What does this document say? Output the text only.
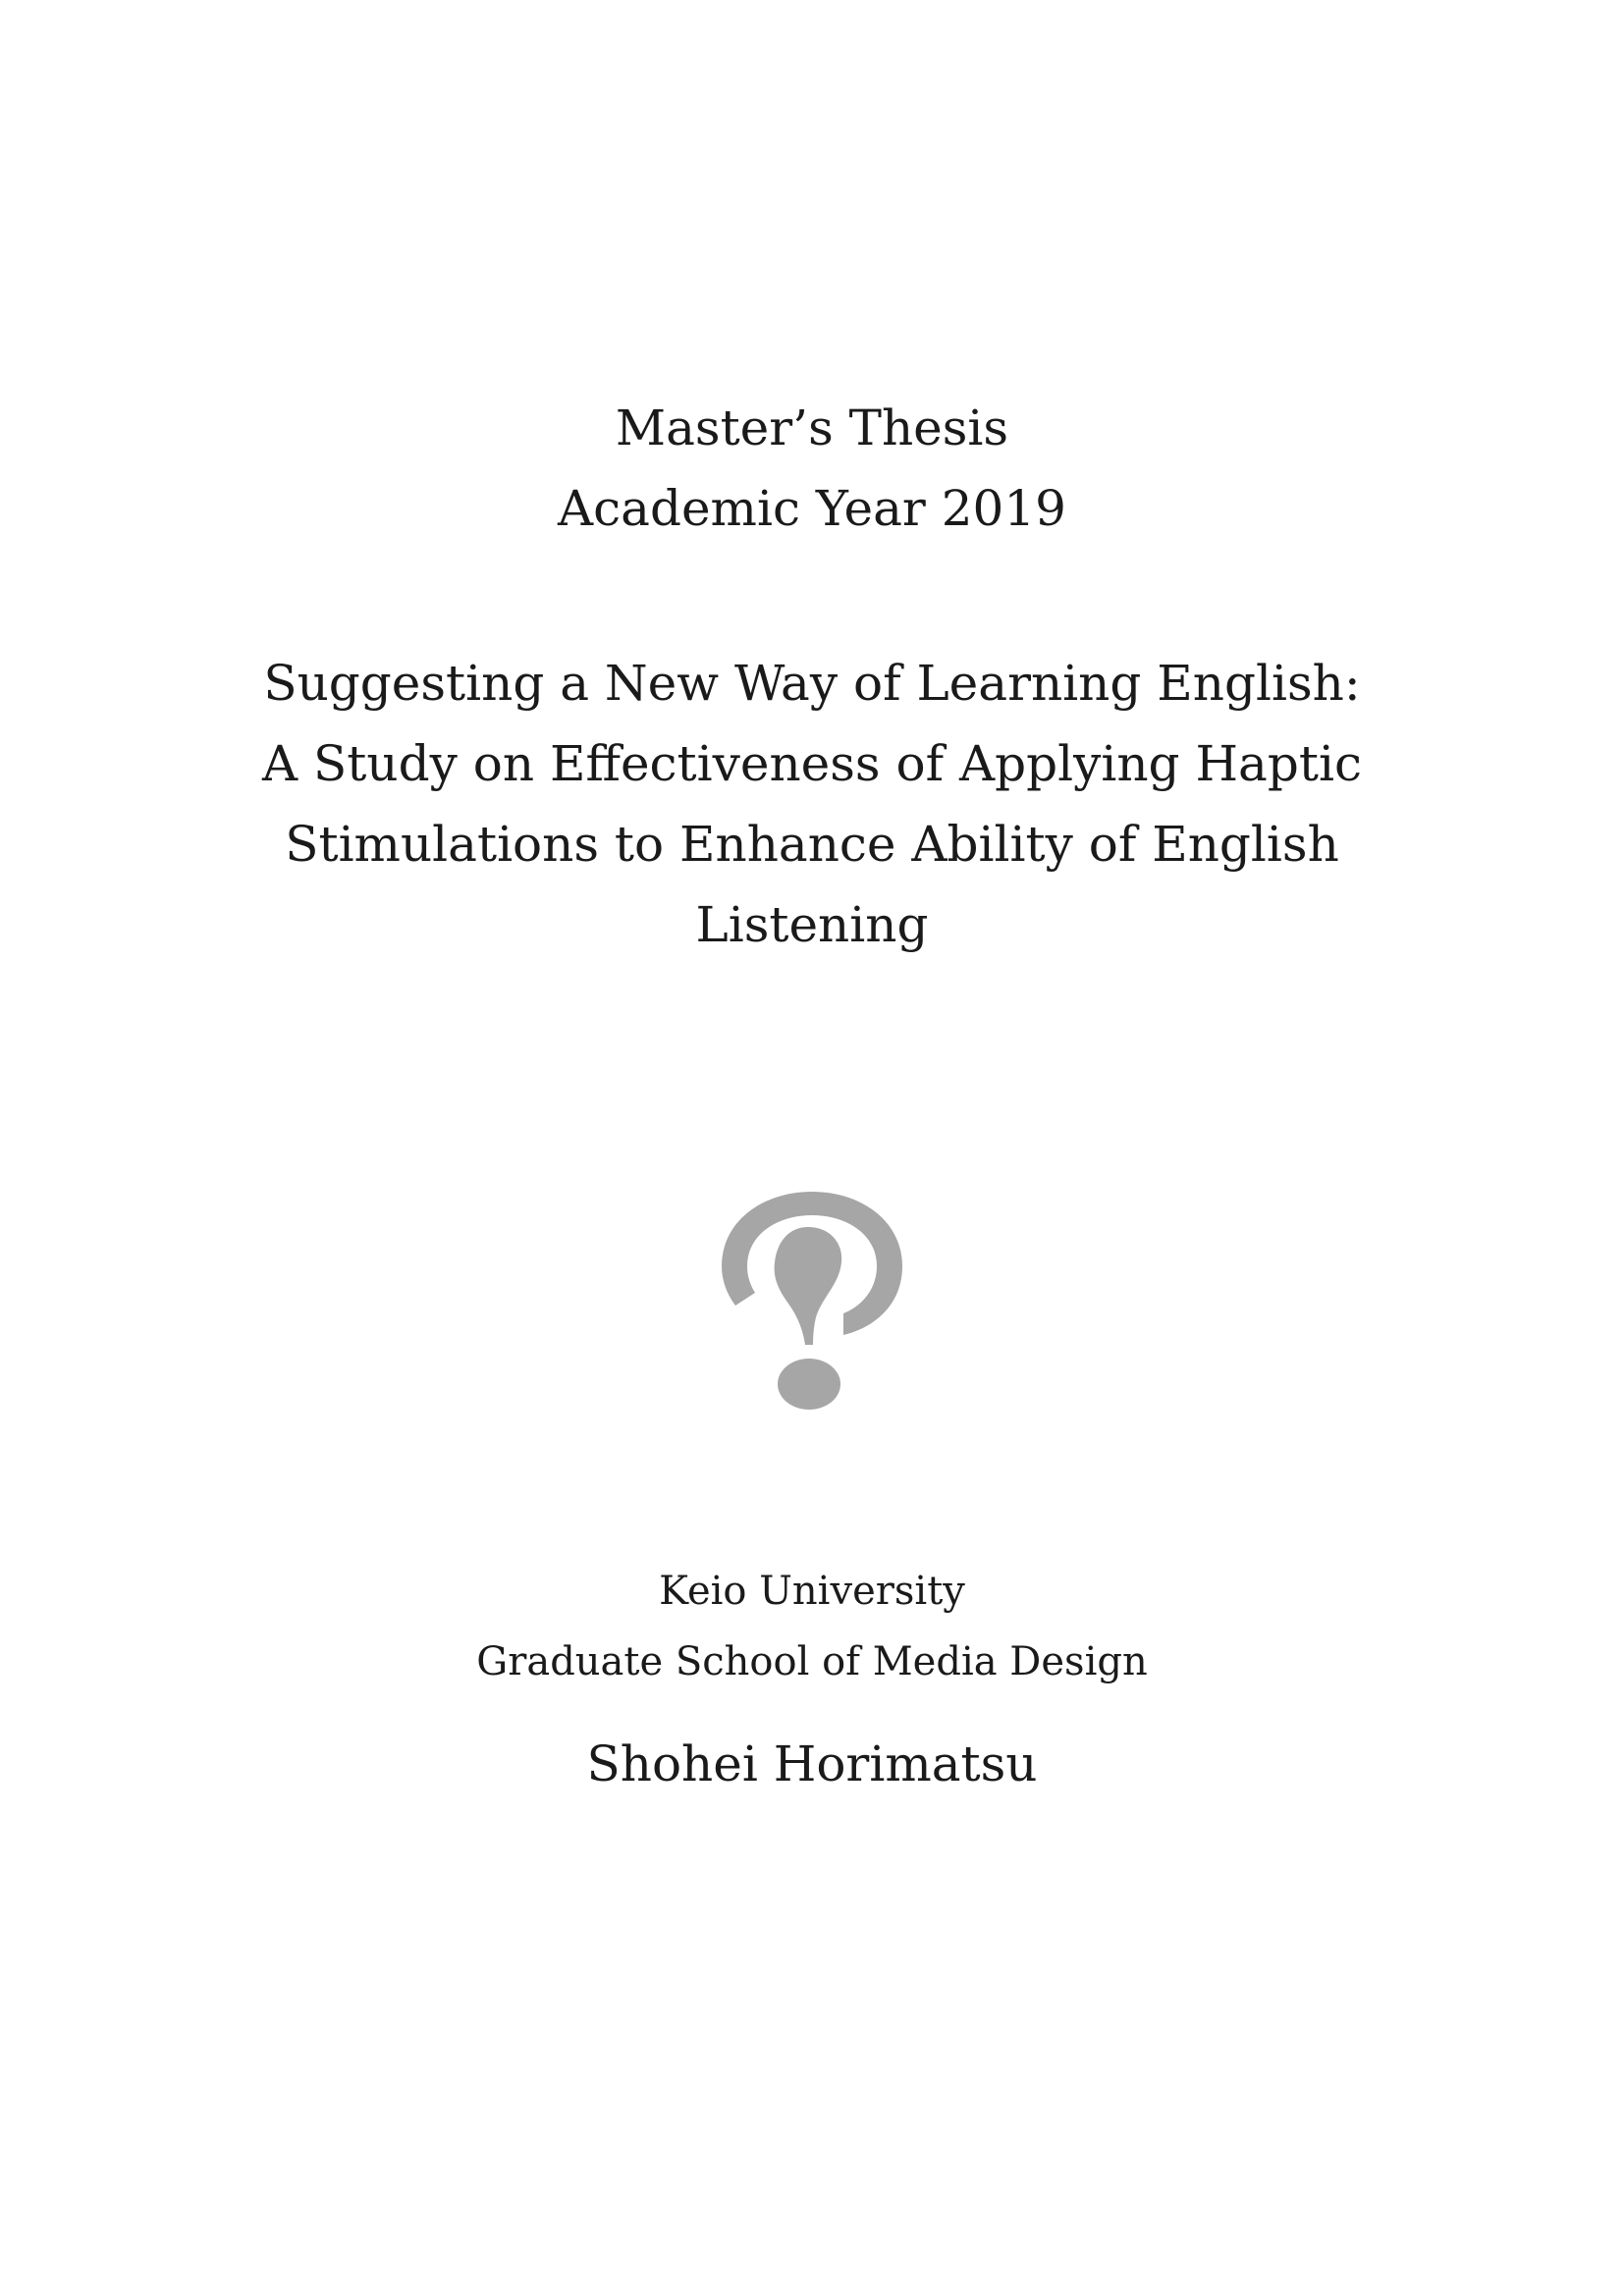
Master’s Thesis
Academic Year 2019
Suggesting a New Way of Learning English:
A Study on Effectiveness of Applying Haptic
Stimulations to Enhance Ability of English
Listening
Keio University
Graduate School of Media Design
Shohei Horimatsu
